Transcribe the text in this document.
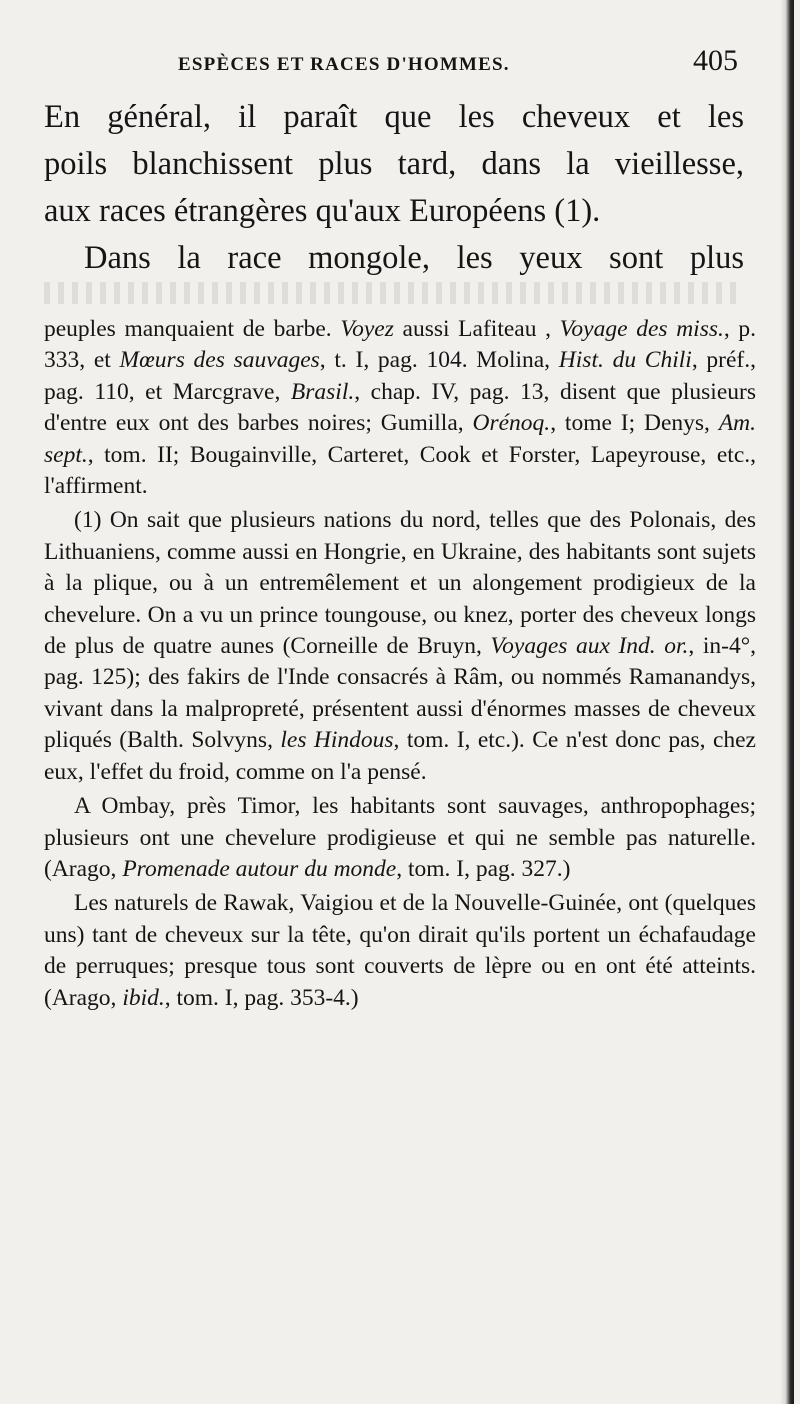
ESPÈCES ET RACES D'HOMMES.	405

En général, il paraît que les cheveux et les

poils blanchissent plus tard, dans la vieillesse,

aux races étrangères qu'aux Européens (1).

Dans la race mongole, les yeux sont plus

peuples manquaient de barbe. Voyez aussi Lafiteau , Voyage des miss., p. 333, et Mœurs des sauvages, t. I, pag. 104. Molina, Hist. du Chili, préf., pag. 110, et Marcgrave, Brasil., chap. IV, pag. 13, disent que plusieurs d'entre eux ont des barbes noires; Gumilla, Orénoq., tome I; Denys, Am. sept., tom. II; Bougainville, Carteret, Cook et Forster, Lapeyrouse, etc., l'affirment.

(1) On sait que plusieurs nations du nord, telles que des Polonais, des Lithuaniens, comme aussi en Hongrie, en Ukraine, des habitants sont sujets à la plique, ou à un entremêlement et un alongement prodigieux de la chevelure. On a vu un prince toungouse, ou knez, porter des cheveux longs de plus de quatre aunes (Corneille de Bruyn, Voyages aux Ind. or., in-4°, pag. 125); des fakirs de l'Inde consacrés à Râm, ou nommés Ramanandys, vivant dans la malpropreté, présentent aussi d'énormes masses de cheveux pliqués (Balth. Solvyns, les Hindous, tom. I, etc.). Ce n'est donc pas, chez eux, l'effet du froid, comme on l'a pensé.

A Ombay, près Timor, les habitants sont sauvages, anthropophages; plusieurs ont une chevelure prodigieuse et qui ne semble pas naturelle. (Arago, Promenade autour du monde, tom. I, pag. 327.)

Les naturels de Rawak, Vaigiou et de la Nouvelle-Guinée, ont (quelques uns) tant de cheveux sur la tête, qu'on dirait qu'ils portent un échafaudage de perruques; presque tous sont couverts de lèpre ou en ont été atteints. (Arago, ibid., tom. I, pag. 353-4.)
